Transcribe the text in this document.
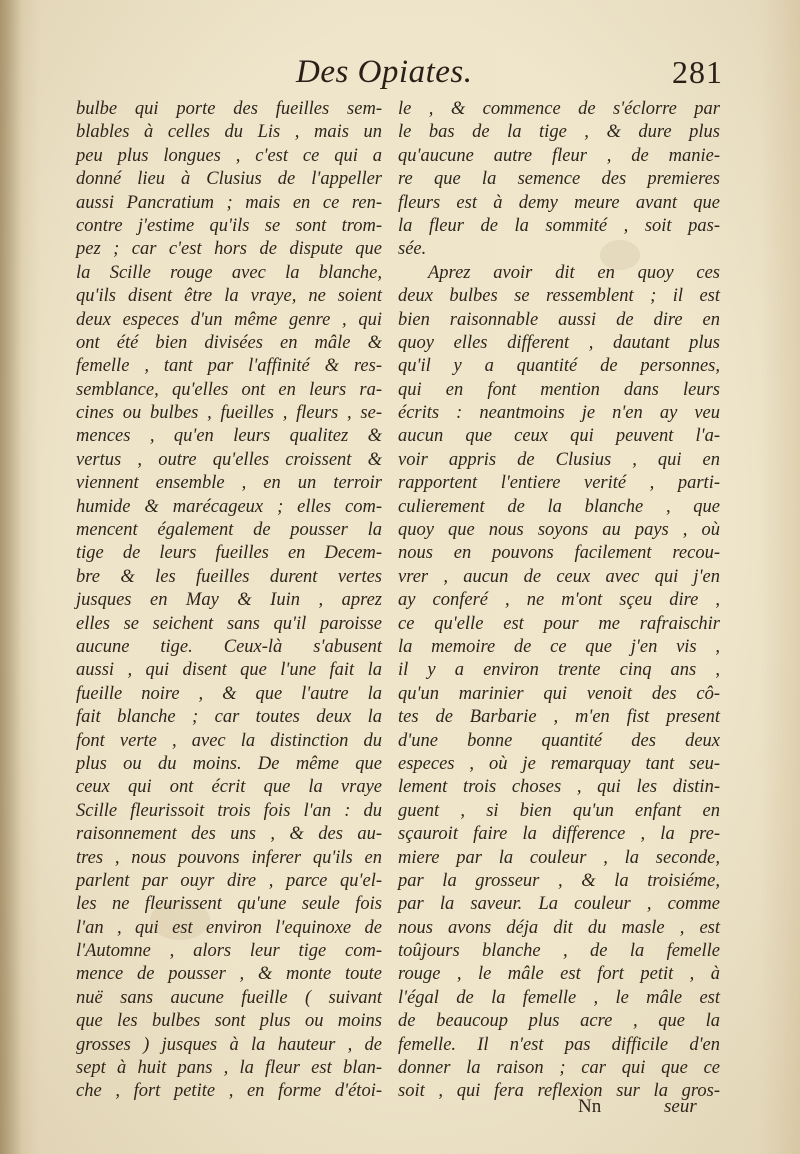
Des Opiates.	281
bulbe qui porte des fueilles sem-
blables à celles du Lis , mais un
peu plus longues , c'est ce qui a
donné lieu à Clusius de l'appeller
aussi Pancratium ; mais en ce ren-
contre j'estime qu'ils se sont trom-
pez ; car c'est hors de dispute que
la Scille rouge avec la blanche,
qu'ils disent être la vraye, ne soient
deux especes d'un même genre , qui
ont été bien divisées en mâle &
femelle , tant par l'affinité & res-
semblance, qu'elles ont en leurs ra-
cines ou bulbes , fueilles , fleurs , se-
mences , qu'en leurs qualitez &
vertus , outre qu'elles croissent &
viennent ensemble , en un terroir
humide & marécageux ; elles com-
mencent également de pousser la
tige de leurs fueilles en Decem-
bre & les fueilles durent vertes
jusques en May & Iuin , aprez
elles se seichent sans qu'il paroisse
aucune tige. Ceux-là s'abusent
aussi , qui disent que l'une fait la
fueille noire , & que l'autre la
fait blanche ; car toutes deux la
font verte , avec la distinction du
plus ou du moins. De même que
ceux qui ont écrit que la vraye
Scille fleurissoit trois fois l'an : du
raisonnement des uns , & des au-
tres , nous pouvons inferer qu'ils en
parlent par ouyr dire , parce qu'el-
les ne fleurissent qu'une seule fois
l'an , qui est environ l'equinoxe de
l'Automne , alors leur tige com-
mence de pousser , & monte toute
nuë sans aucune fueille ( suivant
que les bulbes sont plus ou moins
grosses ) jusques à la hauteur , de
sept à huit pans , la fleur est blan-
che , fort petite , en forme d'étoi-
le , & commence de s'éclorre par
le bas de la tige , & dure plus
qu'aucune autre fleur , de manie-
re que la semence des premieres
fleurs est à demy meure avant que
la fleur de la sommité , soit pas-
sée.
Aprez avoir dit en quoy ces
deux bulbes se ressemblent ; il est
bien raisonnable aussi de dire en
quoy elles different , dautant plus
qu'il y a quantité de personnes,
qui en font mention dans leurs
écrits : neantmoins je n'en ay veu
aucun que ceux qui peuvent l'a-
voir appris de Clusius , qui en
rapportent l'entiere verité , parti-
culierement de la blanche , que
quoy que nous soyons au pays , où
nous en pouvons facilement recou-
vrer , aucun de ceux avec qui j'en
ay conferé , ne m'ont sçeu dire ,
ce qu'elle est pour me rafraischir
la memoire de ce que j'en vis ,
il y a environ trente cinq ans ,
qu'un marinier qui venoit des cô-
tes de Barbarie , m'en fist present
d'une bonne quantité des deux
especes , où je remarquay tant seu-
lement trois choses , qui les distin-
guent , si bien qu'un enfant en
sçauroit faire la difference , la pre-
miere par la couleur , la seconde,
par la grosseur , & la troisiéme,
par la saveur. La couleur , comme
nous avons déja dit du masle , est
toûjours blanche , de la femelle
rouge , le mâle est fort petit , à
l'égal de la femelle , le mâle est
de beaucoup plus acre , que la
femelle. Il n'est pas difficile d'en
donner la raison ; car qui que ce
soit , qui fera reflexion sur la gros-
Nn	seur
